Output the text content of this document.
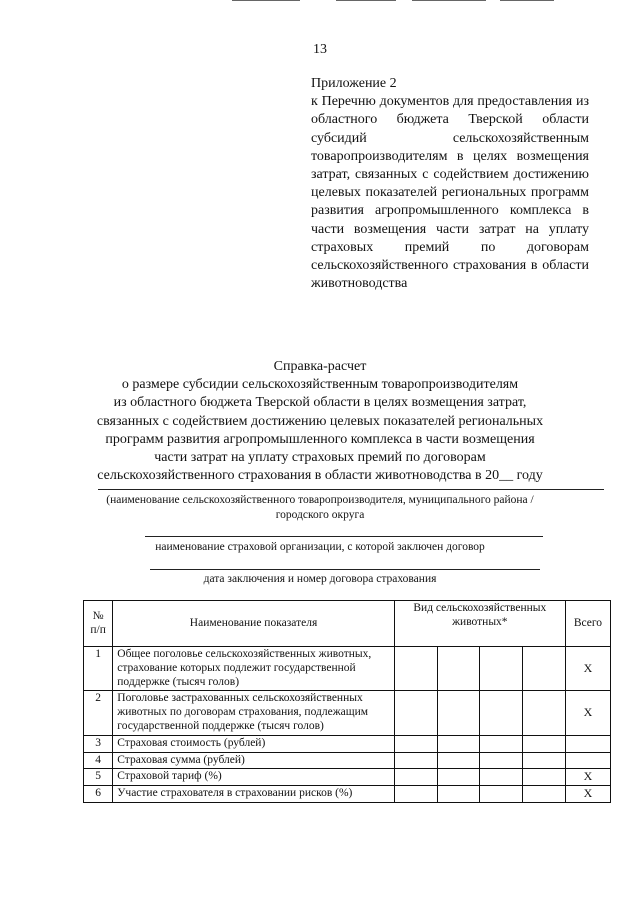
13
Приложение 2
к Перечню документов для предоставления из областного бюджета Тверской области субсидий сельскохозяйственным товаропроизводителям в целях возмещения затрат, связанных с содействием достижению целевых показателей региональных программ развития агропромышленного комплекса в части возмещения части затрат на уплату страховых премий по договорам сельскохозяйственного страхования в области животноводства
Справка-расчет
о размере субсидии сельскохозяйственным товаропроизводителям
из областного бюджета Тверской области в целях возмещения затрат,
связанных с содействием достижению целевых показателей региональных
программ развития агропромышленного комплекса в части возмещения
части затрат на уплату страховых премий по договорам
сельскохозяйственного страхования в области животноводства в 20__ году
(наименование сельскохозяйственного товаропроизводителя, муниципального района / городского округа
наименование страховой организации, с которой заключен договор
дата заключения и номер договора страхования
№ п/п	Наименование показателя	Вид сельскохозяйственных животных*				Всего
1	Общее поголовье сельскохозяйственных животных, страхование которых подлежит государственной поддержке (тысяч голов)					X
2	Поголовье застрахованных сельскохозяйственных животных по договорам страхования, подлежащим государственной поддержке (тысяч голов)					X
3	Страховая стоимость (рублей)					
4	Страховая сумма (рублей)					
5	Страховой тариф (%)					X
6	Участие страхователя в страховании рисков (%)					X
